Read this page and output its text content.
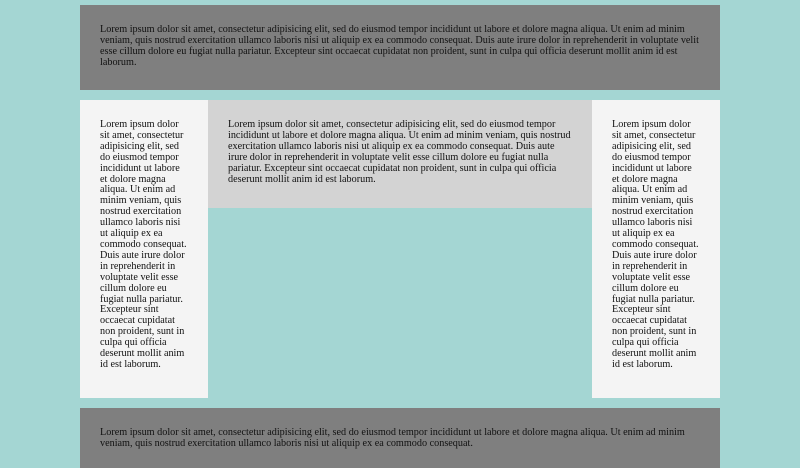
Lorem ipsum dolor sit amet, consectetur adipisicing elit, sed do eiusmod tempor incididunt ut labore et dolore magna aliqua. Ut enim ad minim veniam, quis nostrud exercitation ullamco laboris nisi ut aliquip ex ea commodo consequat. Duis aute irure dolor in reprehenderit in voluptate velit esse cillum dolore eu fugiat nulla pariatur. Excepteur sint occaecat cupidatat non proident, sunt in culpa qui officia deserunt mollit anim id est laborum.

Lorem ipsum dolor sit amet, consectetur adipisicing elit, sed do eiusmod tempor incididunt ut labore et dolore magna aliqua. Ut enim ad minim veniam, quis nostrud exercitation ullamco laboris nisi ut aliquip ex ea commodo consequat. Duis aute irure dolor in reprehenderit in voluptate velit esse cillum dolore eu fugiat nulla pariatur. Excepteur sint occaecat cupidatat non proident, sunt in culpa qui officia deserunt mollit anim id est laborum.

Lorem ipsum dolor sit amet, consectetur adipisicing elit, sed do eiusmod tempor incididunt ut labore et dolore magna aliqua. Ut enim ad minim veniam, quis nostrud exercitation ullamco laboris nisi ut aliquip ex ea commodo consequat. Duis aute irure dolor in reprehenderit in voluptate velit esse cillum dolore eu fugiat nulla pariatur. Excepteur sint occaecat cupidatat non proident, sunt in culpa qui officia deserunt mollit anim id est laborum.

Lorem ipsum dolor sit amet, consectetur adipisicing elit, sed do eiusmod tempor incididunt ut labore et dolore magna aliqua. Ut enim ad minim veniam, quis nostrud exercitation ullamco laboris nisi ut aliquip ex ea commodo consequat. Duis aute irure dolor in reprehenderit in voluptate velit esse cillum dolore eu fugiat nulla pariatur. Excepteur sint occaecat cupidatat non proident, sunt in culpa qui officia deserunt mollit anim id est laborum.

Lorem ipsum dolor sit amet, consectetur adipisicing elit, sed do eiusmod tempor incididunt ut labore et dolore magna aliqua. Ut enim ad minim veniam, quis nostrud exercitation ullamco laboris nisi ut aliquip ex ea commodo consequat.
